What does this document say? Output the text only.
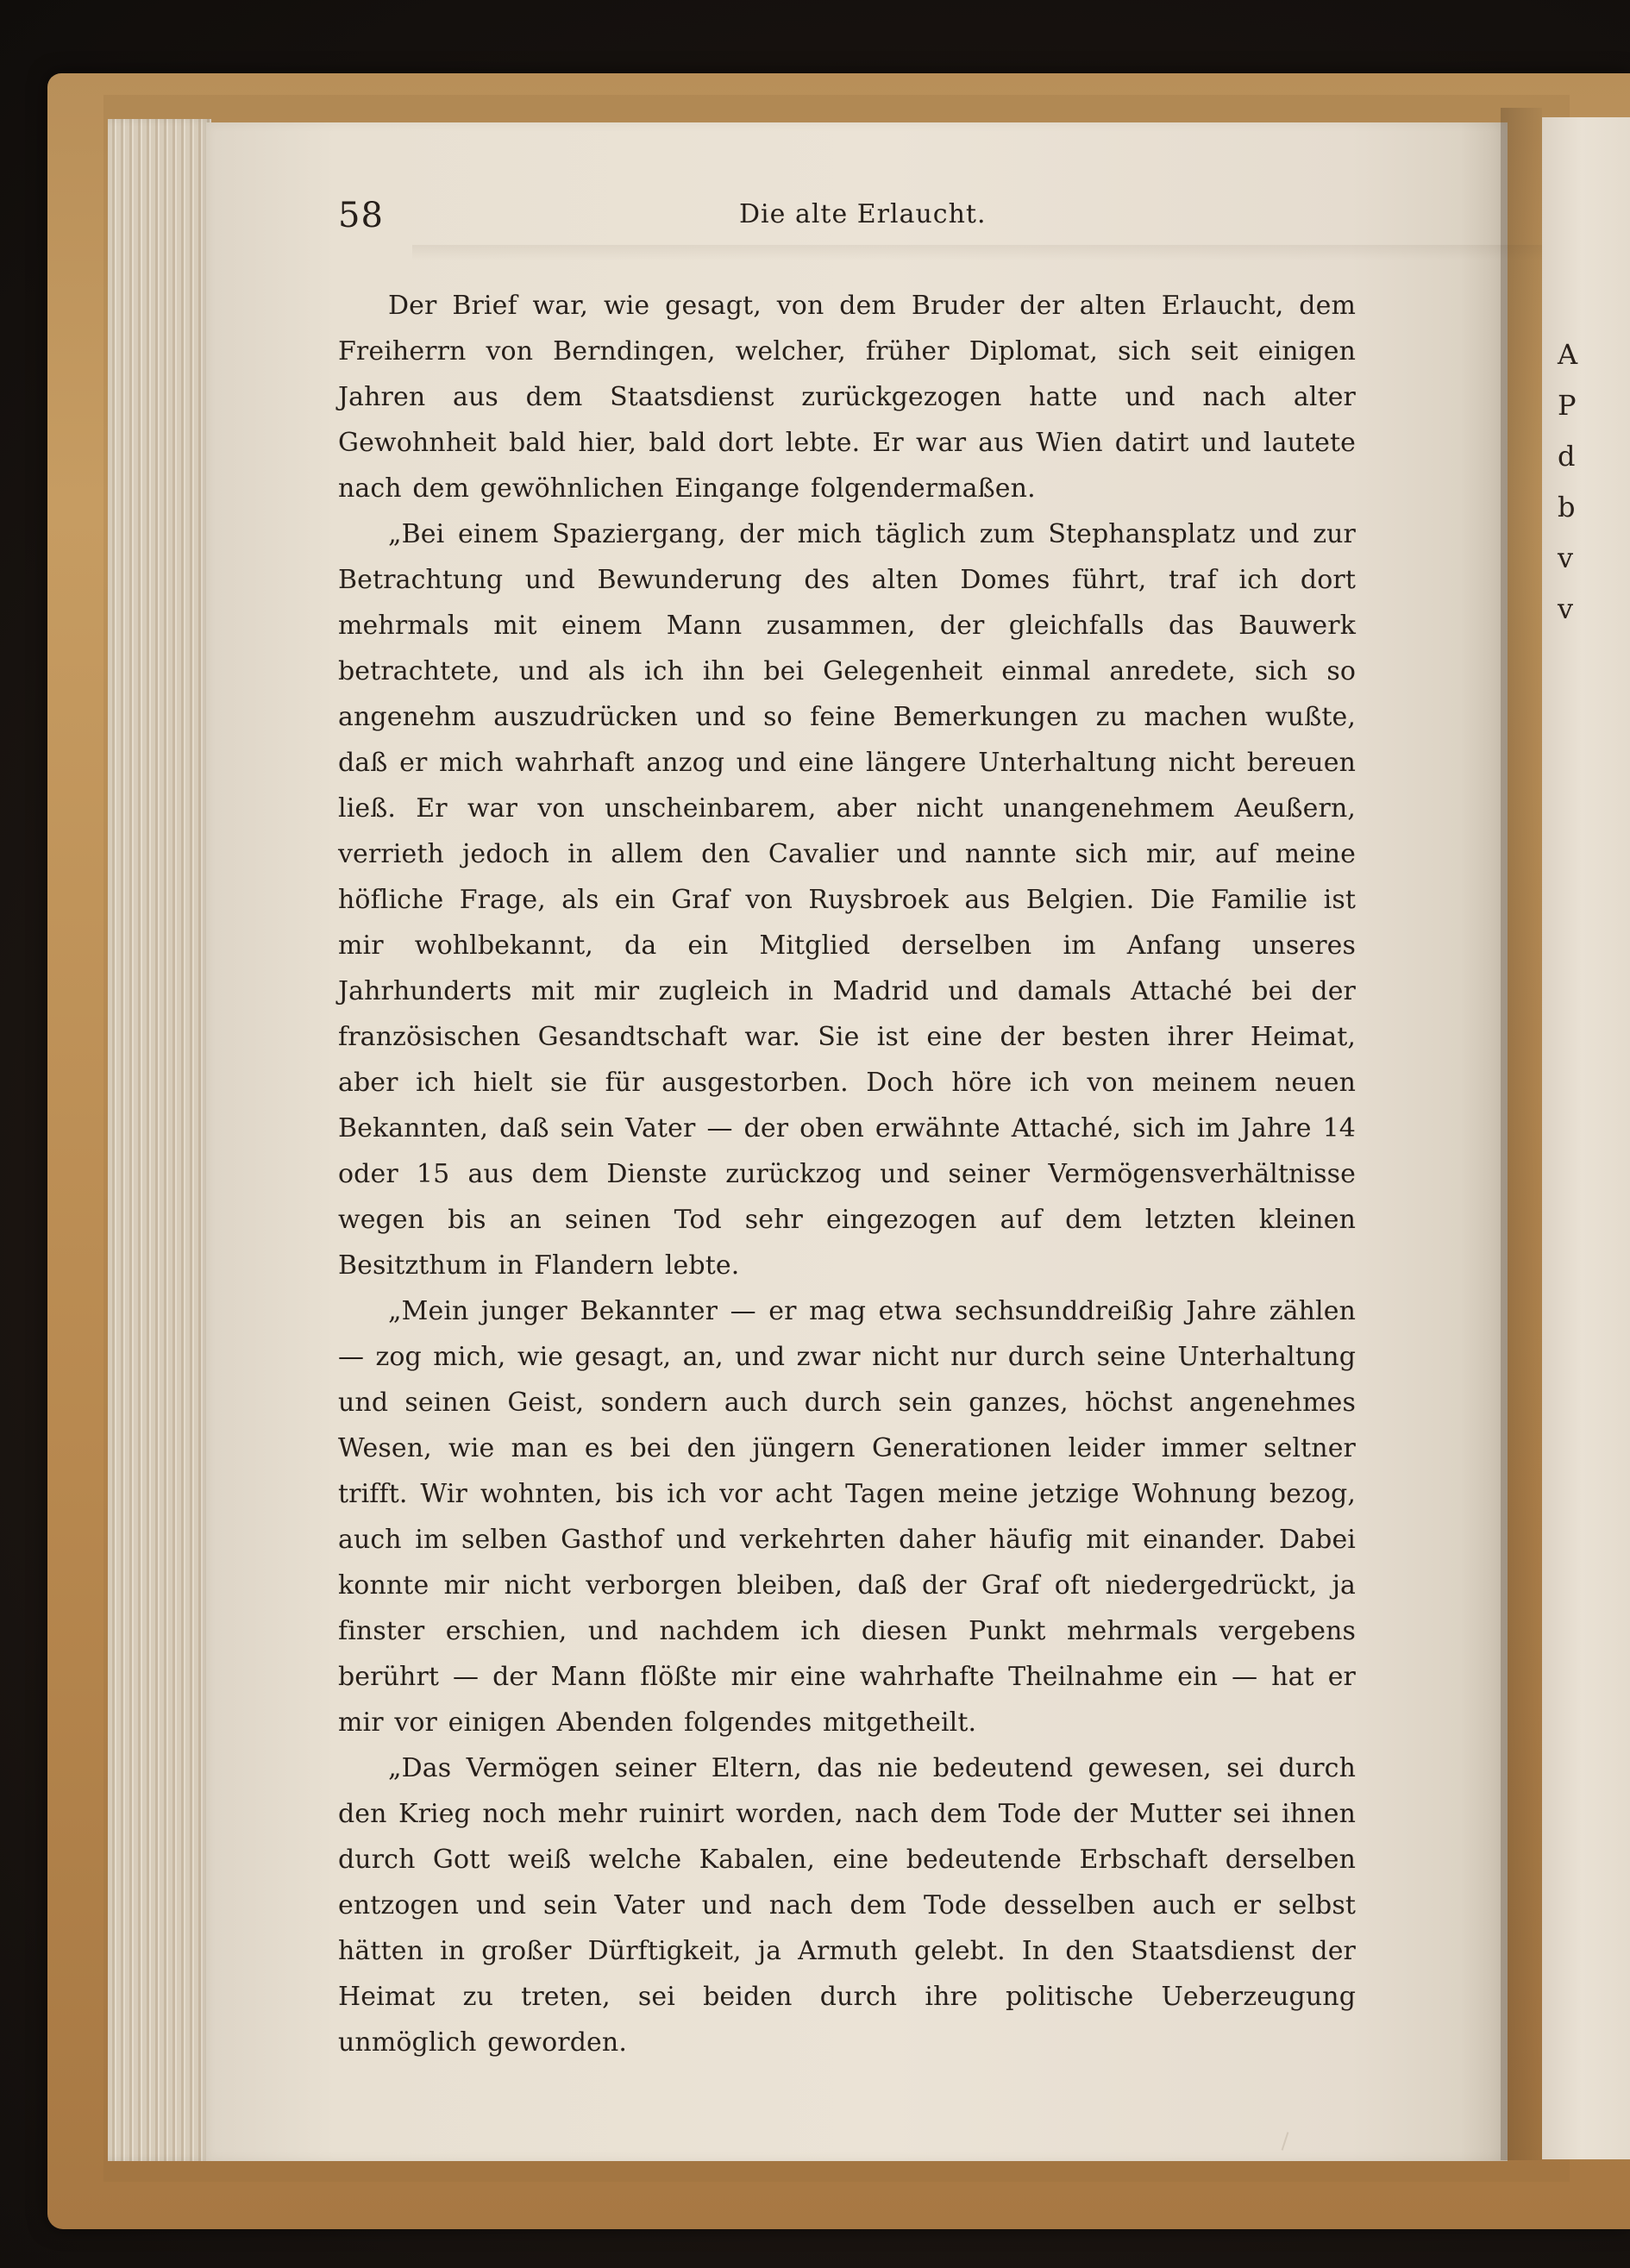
A
P
d
b
v
v
58	Die alte Erlaucht.

Der Brief war, wie gesagt, von dem Bruder der alten Erlaucht, dem Freiherrn von Berndingen, welcher, früher Diplomat, sich seit einigen Jahren aus dem Staatsdienst zurückgezogen hatte und nach alter Gewohnheit bald hier, bald dort lebte. Er war aus Wien datirt und lautete nach dem gewöhnlichen Eingange folgendermaßen.

„Bei einem Spaziergang, der mich täglich zum Stephansplatz und zur Betrachtung und Bewunderung des alten Domes führt, traf ich dort mehrmals mit einem Mann zusammen, der gleichfalls das Bauwerk betrachtete, und als ich ihn bei Gelegenheit einmal anredete, sich so angenehm auszudrücken und so feine Bemerkungen zu machen wußte, daß er mich wahrhaft anzog und eine längere Unterhaltung nicht bereuen ließ. Er war von unscheinbarem, aber nicht unangenehmem Aeußern, verrieth jedoch in allem den Cavalier und nannte sich mir, auf meine höfliche Frage, als ein Graf von Ruysbroek aus Belgien. Die Familie ist mir wohlbekannt, da ein Mitglied derselben im Anfang unseres Jahrhunderts mit mir zugleich in Madrid und damals Attaché bei der französischen Gesandtschaft war. Sie ist eine der besten ihrer Heimat, aber ich hielt sie für ausgestorben. Doch höre ich von meinem neuen Bekannten, daß sein Vater — der oben erwähnte Attaché, sich im Jahre 14 oder 15 aus dem Dienste zurückzog und seiner Vermögensverhältnisse wegen bis an seinen Tod sehr eingezogen auf dem letzten kleinen Besitzthum in Flandern lebte.

„Mein junger Bekannter — er mag etwa sechsunddreißig Jahre zählen — zog mich, wie gesagt, an, und zwar nicht nur durch seine Unterhaltung und seinen Geist, sondern auch durch sein ganzes, höchst angenehmes Wesen, wie man es bei den jüngern Generationen leider immer seltner trifft. Wir wohnten, bis ich vor acht Tagen meine jetzige Wohnung bezog, auch im selben Gasthof und verkehrten daher häufig mit einander. Dabei konnte mir nicht verborgen bleiben, daß der Graf oft niedergedrückt, ja finster erschien, und nachdem ich diesen Punkt mehrmals vergebens berührt — der Mann flößte mir eine wahrhafte Theilnahme ein — hat er mir vor einigen Abenden folgendes mitgetheilt.

„Das Vermögen seiner Eltern, das nie bedeutend gewesen, sei durch den Krieg noch mehr ruinirt worden, nach dem Tode der Mutter sei ihnen durch Gott weiß welche Kabalen, eine bedeutende Erbschaft derselben entzogen und sein Vater und nach dem Tode desselben auch er selbst hätten in großer Dürftigkeit, ja Armuth gelebt. In den Staatsdienst der Heimat zu treten, sei beiden durch ihre politische Ueberzeugung unmöglich geworden.
